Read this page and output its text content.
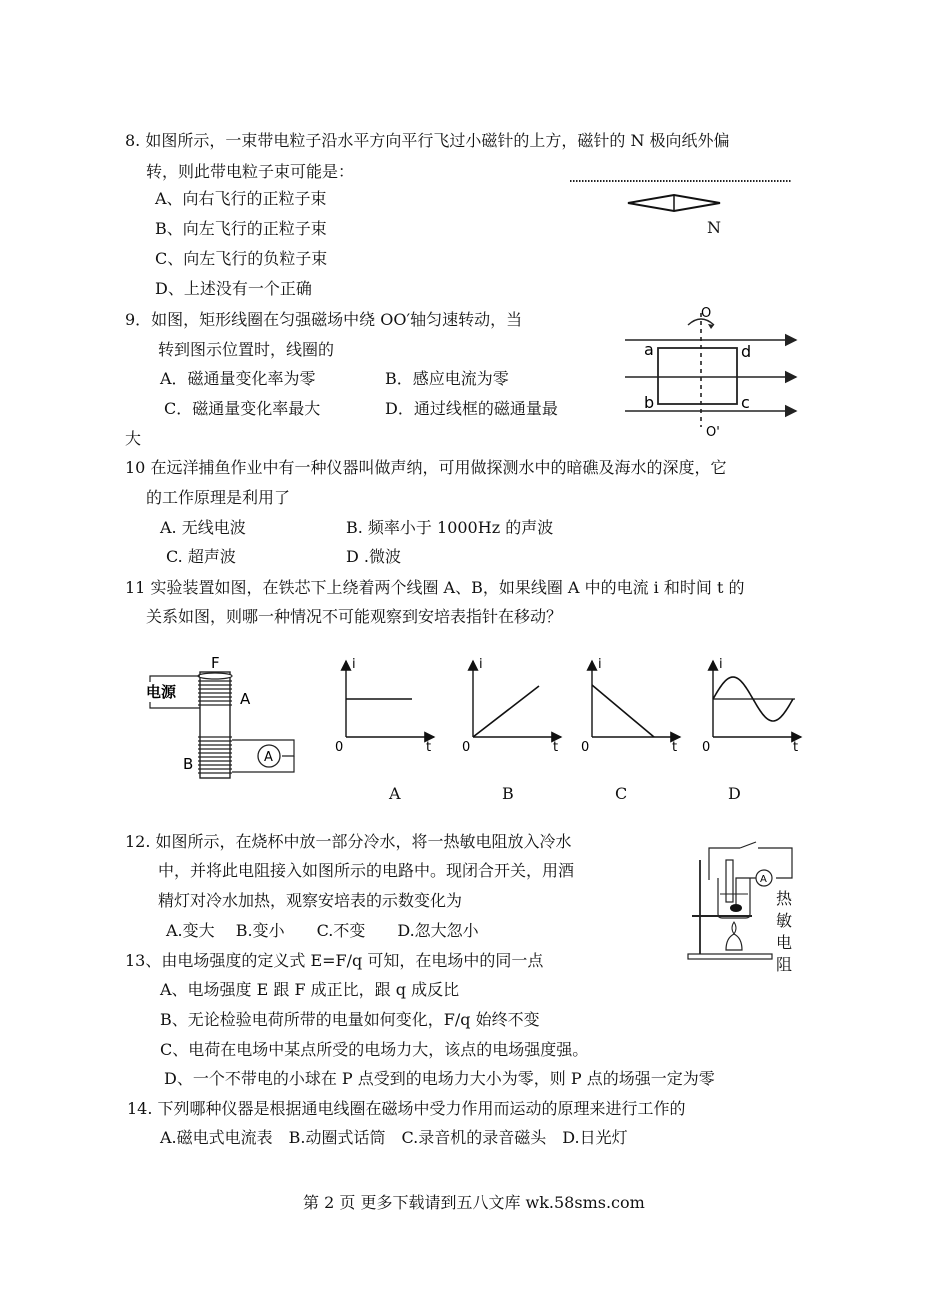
8. 如图所示，一束带电粒子沿水平方向平行飞过小磁针的上方，磁针的 N 极向纸外偏
转，则此带电粒子束可能是：
A、向右飞行的正粒子束
B、向左飞行的正粒子束
C、向左飞行的负粒子束
D、上述没有一个正确
N
9．如图，矩形线圈在匀强磁场中绕 OO′轴匀速转动，当
转到图示位置时，线圈的
A．磁通量变化率为零	B．感应电流为零
C．磁通量变化率最大	D．通过线框的磁通量最
大
O
a	d
b	c
O'
10 在远洋捕鱼作业中有一种仪器叫做声纳，可用做探测水中的暗礁及海水的深度，它
的工作原理是利用了
A. 无线电波	B. 频率小于 1000Hz 的声波
C. 超声波	D .微波
11 实验装置如图，在铁芯下上绕着两个线圈 A、B，如果线圈 A 中的电流 i 和时间 t 的
关系如图，则哪一种情况不可能观察到安培表指针在移动？
F
电源	A
B	A
i
t
0
i
t
0
i
t
0
i
t
0
A	B	C	D
12. 如图所示，在烧杯中放一部分冷水，将一热敏电阻放入冷水
中，并将此电阻接入如图所示的电路中。现闭合开关，用酒
精灯对冷水加热，观察安培表的示数变化为
A.变大　 B.变小　　C.不变　　D.忽大忽小
A
热
敏
电
阻
13、由电场强度的定义式 E=F/q 可知，在电场中的同一点
A、电场强度 E 跟 F 成正比，跟 q 成反比
B、无论检验电荷所带的电量如何变化，F/q 始终不变
C、电荷在电场中某点所受的电场力大，该点的电场强度强。
D、一个不带电的小球在 P 点受到的电场力大小为零，则 P 点的场强一定为零
14. 下列哪种仪器是根据通电线圈在磁场中受力作用而运动的原理来进行工作的
A.磁电式电流表　B.动圈式话筒　C.录音机的录音磁头　D.日光灯
第 2 页 更多下载请到五八文库 wk.58sms.com
